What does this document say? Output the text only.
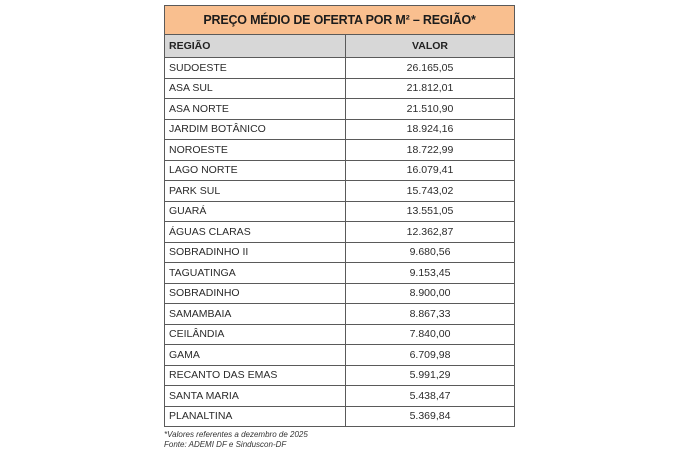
PREÇO MÉDIO DE OFERTA POR M² – REGIÃO*	
REGIÃO	VALOR
SUDOESTE	26.165,05
ASA SUL	21.812,01
ASA NORTE	21.510,90
JARDIM BOTÂNICO	18.924,16
NOROESTE	18.722,99
LAGO NORTE	16.079,41
PARK SUL	15.743,02
GUARÁ	13.551,05
ÁGUAS CLARAS	12.362,87
SOBRADINHO II	9.680,56
TAGUATINGA	9.153,45
SOBRADINHO	8.900,00
SAMAMBAIA	8.867,33
CEILÂNDIA	7.840,00
GAMA	6.709,98
RECANTO DAS EMAS	5.991,29
SANTA MARIA	5.438,47
PLANALTINA	5.369,84
*Valores referentes a dezembro de 2025
Fonte: ADEMI DF e Sinduscon-DF
